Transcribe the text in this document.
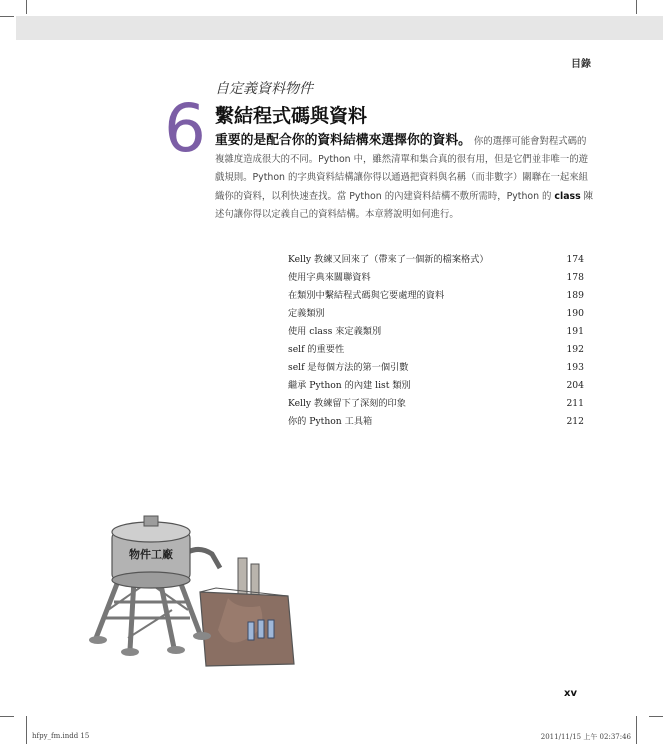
目錄
6
自定義資料物件
繫結程式碼與資料
重要的是配合你的資料結構來選擇你的資料。 你的選擇可能會對程式碼的複雜度造成很大的不同。Python 中，雖然清單和集合真的很有用，但是它們並非唯一的遊戲規則。Python 的字典資料結構讓你得以通過把資料與名稱（而非數字）關聯在一起來組織你的資料，以利快速查找。當 Python 的內建資料結構不敷所需時，Python 的 class 陳述句讓你得以定義自己的資料結構。本章將說明如何進行。
Kelly 教練又回來了（帶來了一個新的檔案格式）	174
使用字典來關聯資料	178
在類別中繫結程式碼與它要處理的資料	189
定義類別	190
使用 class 來定義類別	191
self 的重要性	192
self 是每個方法的第一個引數	193
繼承 Python 的內建 list 類別	204
Kelly 教練留下了深刻的印象	211
你的 Python 工具箱	212
物件工廠
xv
hfpy_fm.indd 15	2011/11/15 上午 02:37:46
